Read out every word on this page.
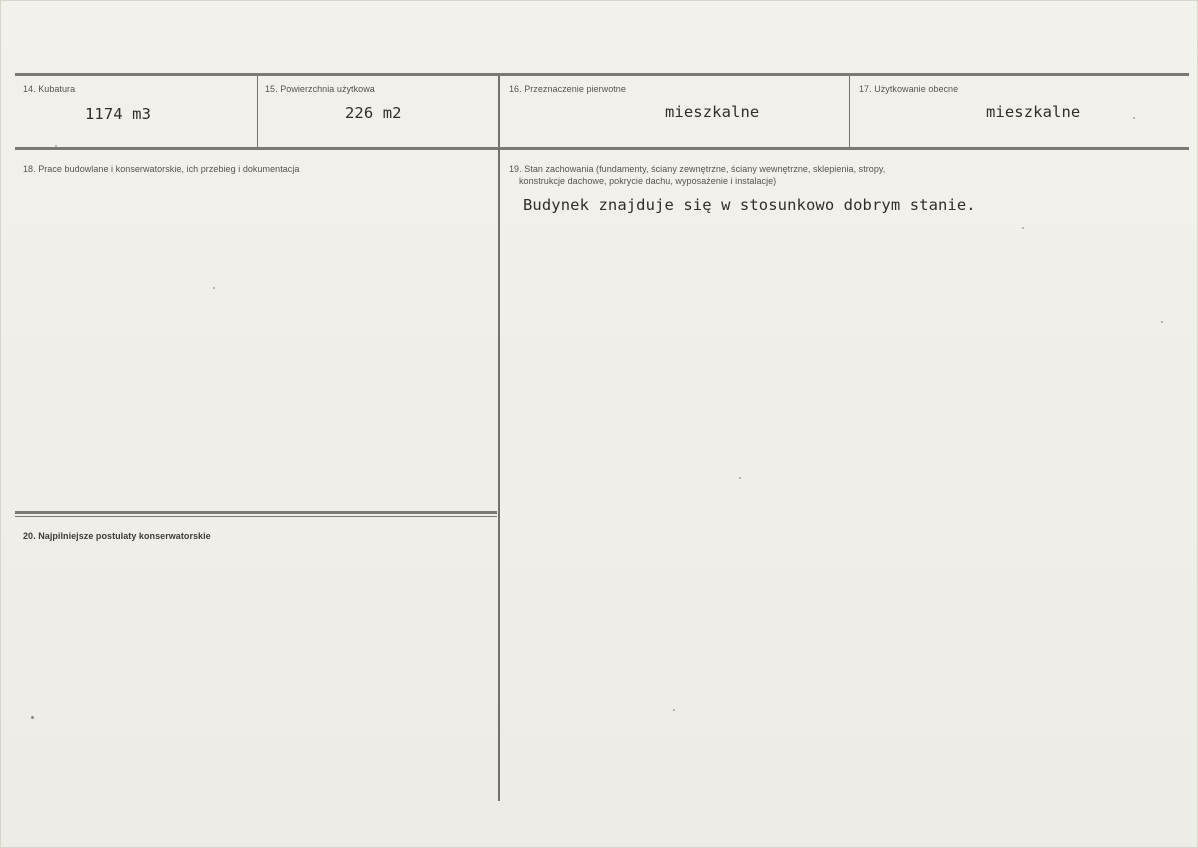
14. Kubatura
1174 m3
15. Powierzchnia użytkowa
226 m2
16. Przeznaczenie pierwotne
mieszkalne
17. Użytkowanie obecne
mieszkalne
18. Prace budowlane i konserwatorskie, ich przebieg i dokumentacja	19. Stan zachowania (fundamenty, ściany zewnętrzne, ściany wewnętrzne, sklepienia, stropy,
konstrukcje dachowe, pokrycie dachu, wyposażenie i instalacje)
Budynek znajduje się w stosunkowo dobrym stanie.
20. Najpilniejsze postulaty konserwatorskie
